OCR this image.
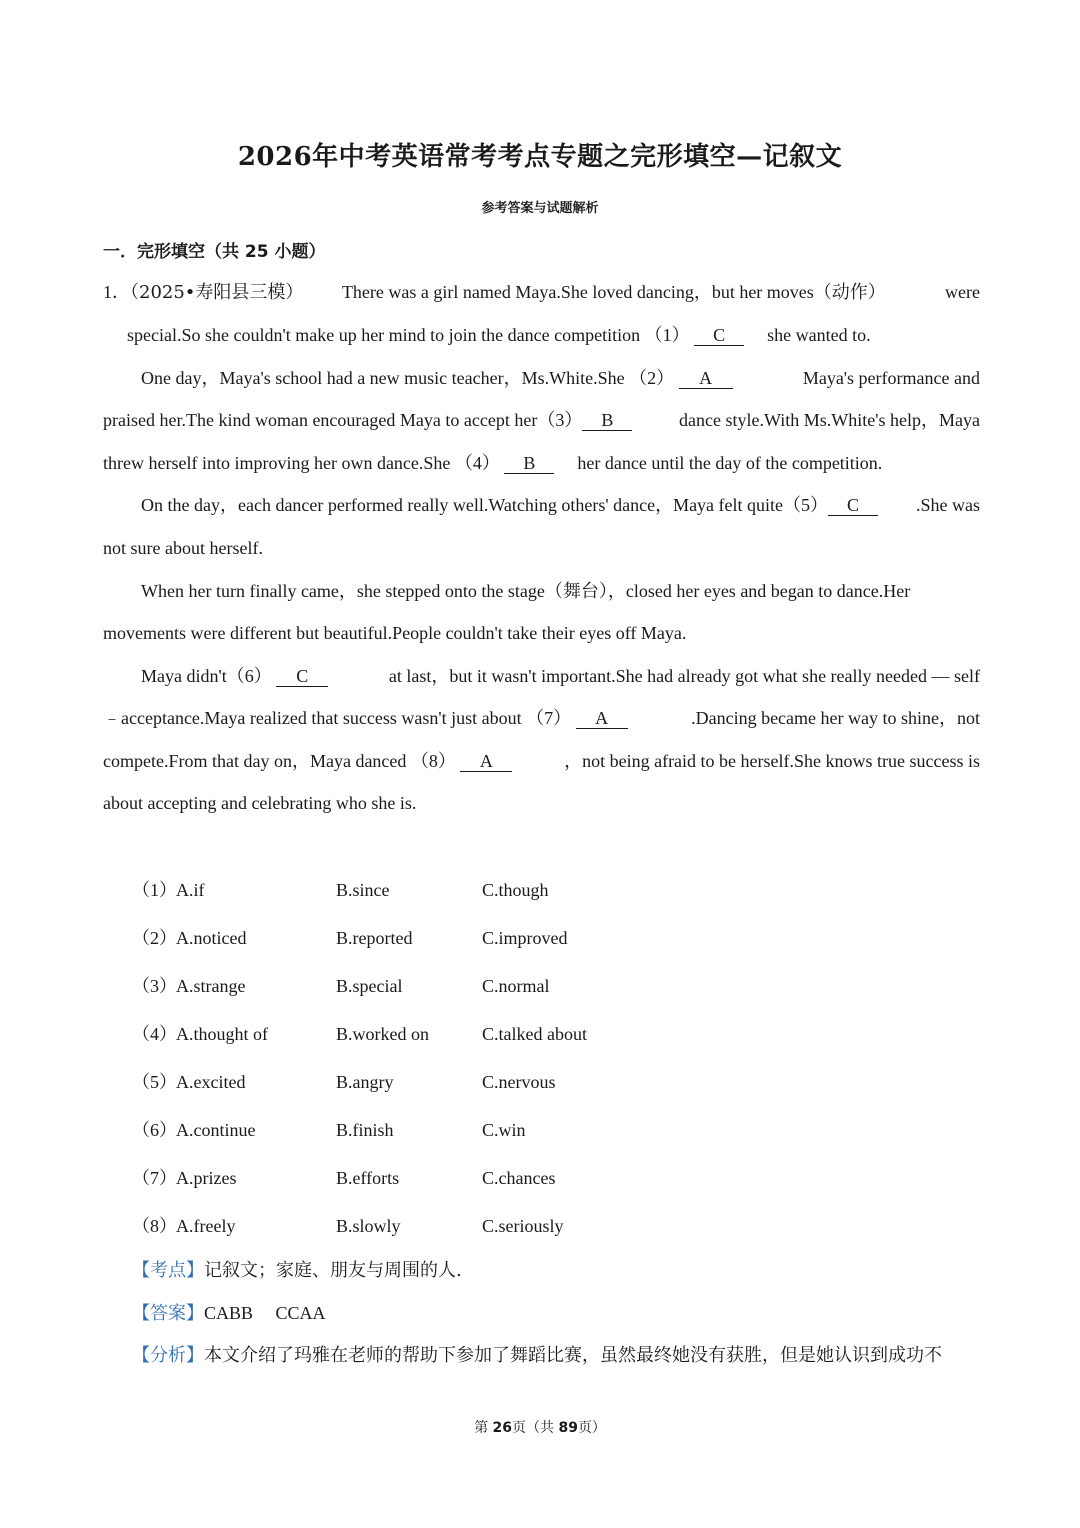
2026年中考英语常考考点专题之完形填空—记叙文
参考答案与试题解析
一．完形填空（共 25 小题）
1．（2025•寿阳县三模） There was a girl named Maya.She loved dancing，but her moves（动作）	were
special.So she couldn't make up her mind to join the dance competition （1） C she wanted to.
One day，Maya's school had a new music teacher，Ms.White.She （2） A	Maya's performance and
praised her.The kind woman encouraged Maya to accept her（3） B	dance style.With Ms.White's help，Maya
threw herself into improving her own dance.She （4） B her dance until the day of the competition.
On the day，each dancer performed really well.Watching others' dance，Maya felt quite（5） C	.She was
not sure about herself.
When her turn finally came，she stepped onto the stage（舞台），closed her eyes and began to dance.Her
movements were different but beautiful.People couldn't take their eyes off Maya.
Maya didn't（6） C	at last，but it wasn't important.She had already got what she really needed — self
﹣acceptance.Maya realized that success wasn't just about （7） A	.Dancing became her way to shine，not
compete.From that day on，Maya danced （8） A	，not being afraid to be herself.She knows true success is
about accepting and celebrating who she is.
（1） A.if	B.since	C.though
（2） A.noticed	B.reported	C.improved
（3） A.strange	B.special	C.normal
（4） A.thought of	B.worked on	C.talked about
（5） A.excited	B.angry	C.nervous
（6） A.continue	B.finish	C.win
（7） A.prizes	B.efforts	C.chances
（8） A.freely	B.slowly	C.seriously
【考点】记叙文；家庭、朋友与周围的人.
【答案】CABB　 CCAA
【分析】本文介绍了玛雅在老师的帮助下参加了舞蹈比赛，虽然最终她没有获胜，但是她认识到成功不
第 26页（共 89页）
